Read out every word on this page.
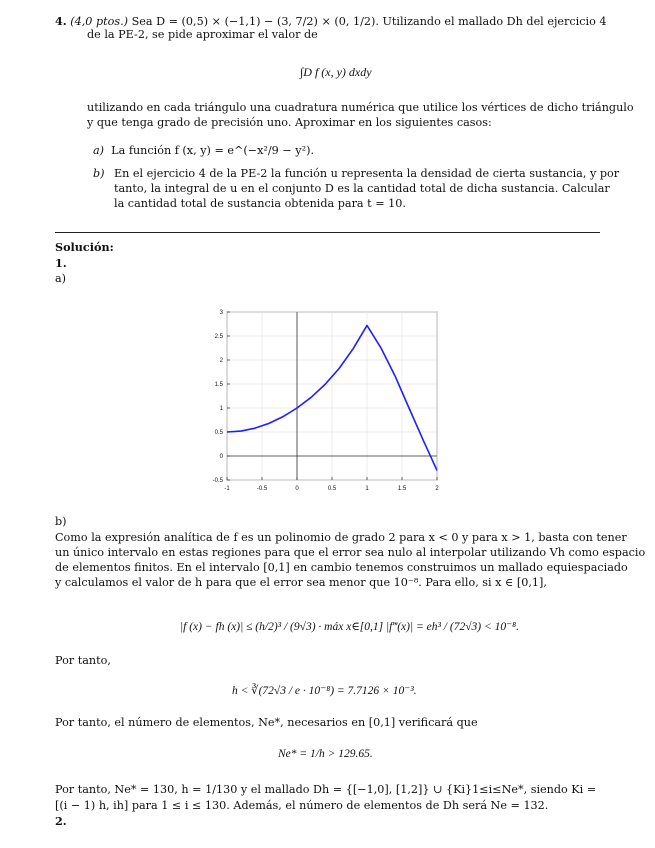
4. (4,0 ptos.) Sea D = (0,5) × (−1,1) − (3, 7/2) × (0, 1/2). Utilizando el mallado Dh del ejercicio 4
de la PE-2, se pide aproximar el valor de
∫D f (x, y) dxdy
utilizando en cada triángulo una cuadratura numérica que utilice los vértices de dicho triángulo
y que tenga grado de precisión uno. Aproximar en los siguientes casos:
a) La función f (x, y) = e^(−x²/9 − y²).
b) En el ejercicio 4 de la PE-2 la función u representa la densidad de cierta sustancia, y por
tanto, la integral de u en el conjunto D es la cantidad total de dicha sustancia. Calcular
la cantidad total de sustancia obtenida para t = 10.
Solución:
1.
a)
-1	-0.5	0	0.5	1	1.5	2
-0.5
0
0.5
1
1.5
2
2.5
3
b)
Como la expresión analítica de f es un polinomio de grado 2 para x < 0 y para x > 1, basta con tener
un único intervalo en estas regiones para que el error sea nulo al interpolar utilizando Vh como espacio
de elementos finitos. En el intervalo [0,1] en cambio tenemos construimos un mallado equiespaciado
y calculamos el valor de h para que el error sea menor que 10⁻⁸. Para ello, si x ∈ [0,1],
|f (x) − fh (x)| ≤ (h/2)³ / (9√3) · máx x∈[0,1] |f‴(x)| = eh³ / (72√3) < 10⁻⁸.
Por tanto,
h < ∛(72√3 / e · 10⁻⁸) = 7.7126 × 10⁻³.
Por tanto, el número de elementos, Ne*, necesarios en [0,1] verificará que
Ne* = 1/h > 129.65.
Por tanto, Ne* = 130, h = 1/130 y el mallado Dh = {[−1,0], [1,2]} ∪ {Ki}1≤i≤Ne*, siendo Ki =
[(i − 1) h, ih] para 1 ≤ i ≤ 130. Además, el número de elementos de Dh será Ne = 132.
2.
